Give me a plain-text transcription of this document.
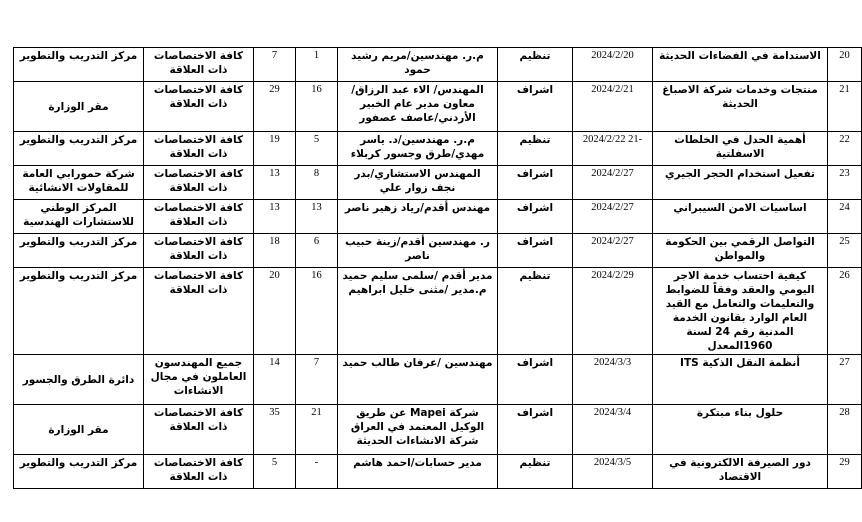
20	الاستدامة في الفضاءات الحديثة	2024/2/20	تنظيم	م.ر. مهندسين/مريم رشيد حمود	1	7	كافة الاختصاصات ذات العلاقة	مركز التدريب والتطوير
21	منتجات وخدمات شركة الاصباغ الحديثة	2024/2/21	اشراف	المهندس/ الاء عبد الرزاق/معاون مدير عام الخبير الأردني/عاصف عصفور	16	29	كافة الاختصاصات ذات العلاقة	مقر الوزارة
22	أهمية الحدل في الخلطات الاسفلتية	-21 2024/2/22	تنظيم	م.ر. مهندسين/د. ياسر مهدي/طرق وجسور كربلاء	5	19	كافة الاختصاصات ذات العلاقة	مركز التدريب والتطوير
23	تفعيل استخدام الحجر الجيري	2024/2/27	اشراف	المهندس الاستشاري/بدر نجف زوار علي	8	13	كافة الاختصاصات ذات العلاقة	شركة حمورابي العامة للمقاولات الانشائية
24	اساسيات الامن السيبراني	2024/2/27	اشراف	مهندس أقدم/رياد زهير ناصر	13	13	كافة الاختصاصات ذات العلاقة	المركز الوطني للاستشارات الهندسية
25	التواصل الرقمي بين الحكومة والمواطن	2024/2/27	اشراف	ر. مهندسين أقدم/زينة حبيب ناصر	6	18	كافة الاختصاصات ذات العلاقة	مركز التدريب والتطوير
26	كيفية احتساب خدمة الاجر اليومي والعقد وفقاً للضوابط والتعليمات والتعامل مع القيد العام الوارد بقانون الخدمة المدنية رقم 24 لسنة 1960المعدل	2024/2/29	تنظيم	مدير أقدم /سلمى سليم حميد م.مدير /مثنى خليل ابراهيم	16	20	كافة الاختصاصات ذات العلاقة	مركز التدريب والتطوير
27	أنظمة النقل الذكية ITS	2024/3/3	اشراف	مهندسين /عرفان طالب حميد	7	14	جميع المهندسون العاملون في مجال الانشاءات	دائرة الطرق والجسور
28	حلول بناء مبتكرة	2024/3/4	اشراف	شركة Mapei عن طريق الوكيل المعتمد في العراق شركة الانشاءات الحديثة	21	35	كافة الاختصاصات ذات العلاقة	مقر الوزارة
29	دور الصيرفة الالكترونية في الاقتصاد	2024/3/5	تنظيم	مدير حسابات/احمد هاشم	-	5	كافة الاختصاصات ذات العلاقة	مركز التدريب والتطوير
